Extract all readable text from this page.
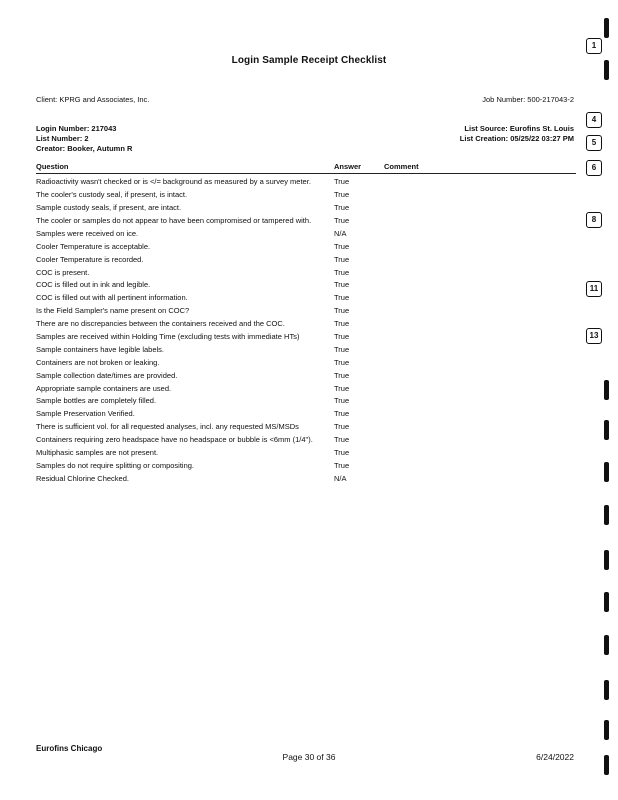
Login Sample Receipt Checklist
Client: KPRG and Associates, Inc.	Job Number: 500-217043-2
Login Number: 217043	List Source: Eurofins St. Louis
List Number: 2	List Creation: 05/25/22 03:27 PM
Creator: Booker, Autumn R
Question	Answer	Comment
Radioactivity wasn't checked or is </= background as measured by a survey meter.	True
The cooler's custody seal, if present, is intact.	True
Sample custody seals, if present, are intact.	True
The cooler or samples do not appear to have been compromised or tampered with.	True
Samples were received on ice.	N/A
Cooler Temperature is acceptable.	True
Cooler Temperature is recorded.	True
COC is present.	True
COC is filled out in ink and legible.	True
COC is filled out with all pertinent information.	True
Is the Field Sampler's name present on COC?	True
There are no discrepancies between the containers received and the COC.	True
Samples are received within Holding Time (excluding tests with immediate HTs)	True
Sample containers have legible labels.	True
Containers are not broken or leaking.	True
Sample collection date/times are provided.	True
Appropriate sample containers are used.	True
Sample bottles are completely filled.	True
Sample Preservation Verified.	True
There is sufficient vol. for all requested analyses, incl. any requested MS/MSDs	True
Containers requiring zero headspace have no headspace or bubble is <6mm (1/4").	True
Multiphasic samples are not present.	True
Samples do not require splitting or compositing.	True
Residual Chlorine Checked.	N/A
Eurofins Chicago
Page 30 of 36	6/24/2022
1
4
5
6
8
11
13
